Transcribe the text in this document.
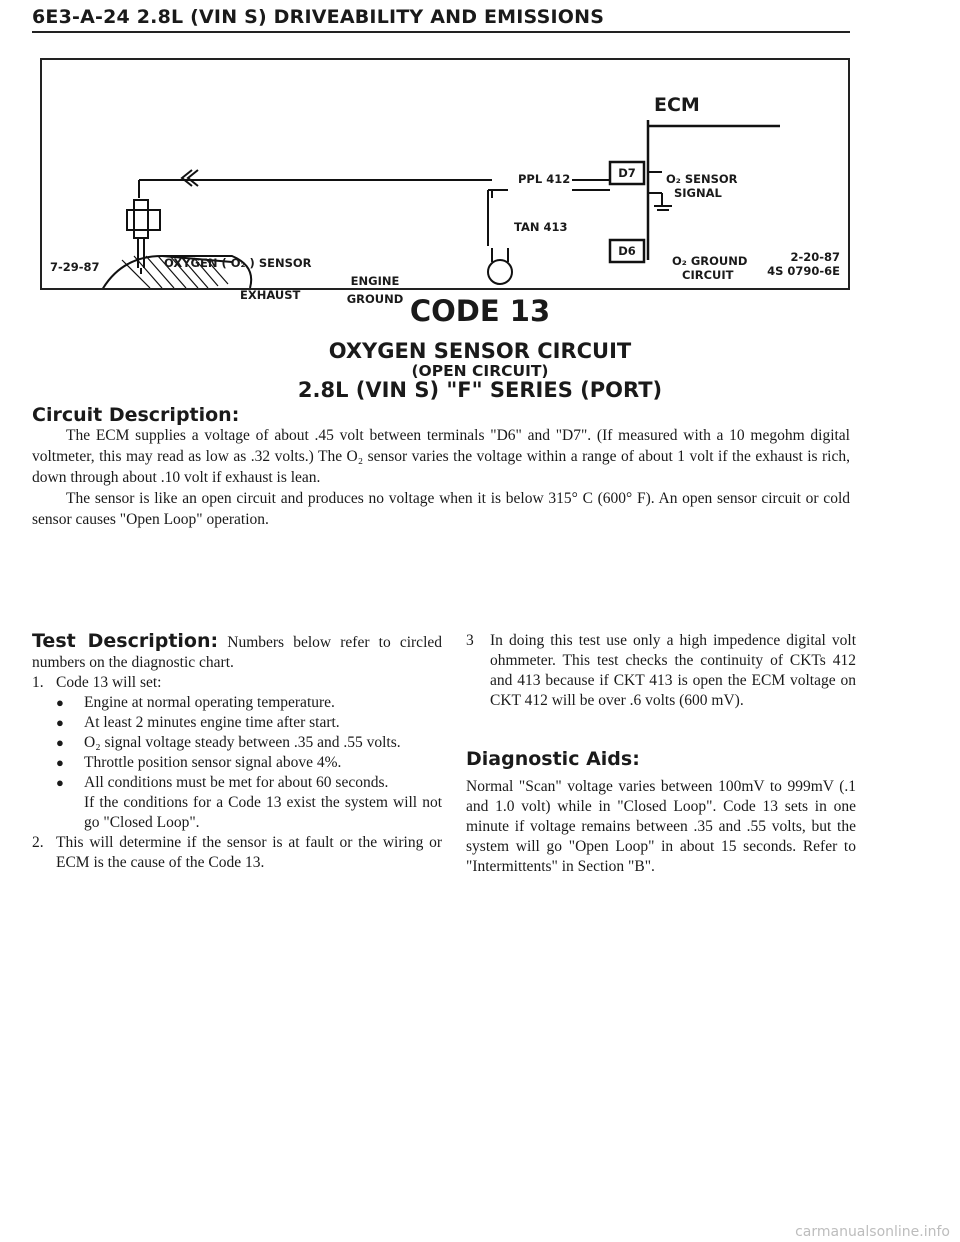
6E3-A-24 2.8L (VIN S) DRIVEABILITY AND EMISSIONS
ECM
PPL 412
TAN 413
D7
D6
O₂ SENSOR
SIGNAL
O₂ GROUND
CIRCUIT
OXYGEN ( O₂ ) SENSOR
EXHAUST
ENGINE
GROUND
7-29-87
2-20-87
4S 0790-6E
CODE 13
OXYGEN SENSOR CIRCUIT
(OPEN CIRCUIT)
2.8L (VIN S) "F" SERIES (PORT)
Circuit Description:

The ECM supplies a voltage of about .45 volt between terminals "D6" and "D7". (If measured with a 10 megohm digital voltmeter, this may read as low as .32 volts.) The O₂ sensor varies the voltage within a range of about 1 volt if the exhaust is rich, down through about .10 volt if exhaust is lean.

The sensor is like an open circuit and produces no voltage when it is below 315° C (600° F). An open sensor circuit or cold sensor causes "Open Loop" operation.

Test Description: Numbers below refer to circled numbers on the diagnostic chart.
1. Code 13 will set:
●	Engine at normal operating temperature.
●	At least 2 minutes engine time after start.
●	O₂ signal voltage steady between .35 and .55 volts.
●	Throttle position sensor signal above 4%.
●	All conditions must be met for about 60 seconds.
If the conditions for a Code 13 exist the system will not go "Closed Loop".
2. This will determine if the sensor is at fault or the wiring or ECM is the cause of the Code 13.
3	In doing this test use only a high impedence digital volt ohmmeter. This test checks the continuity of CKTs 412 and 413 because if CKT 413 is open the ECM voltage on CKT 412 will be over .6 volts (600 mV).
Diagnostic Aids:
Normal "Scan" voltage varies between 100mV to 999mV (.1 and 1.0 volt) while in "Closed Loop". Code 13 sets in one minute if voltage remains between .35 and .55 volts, but the system will go "Open Loop" in about 15 seconds. Refer to "Intermittents" in Section "B".
carmanualsonline.info
